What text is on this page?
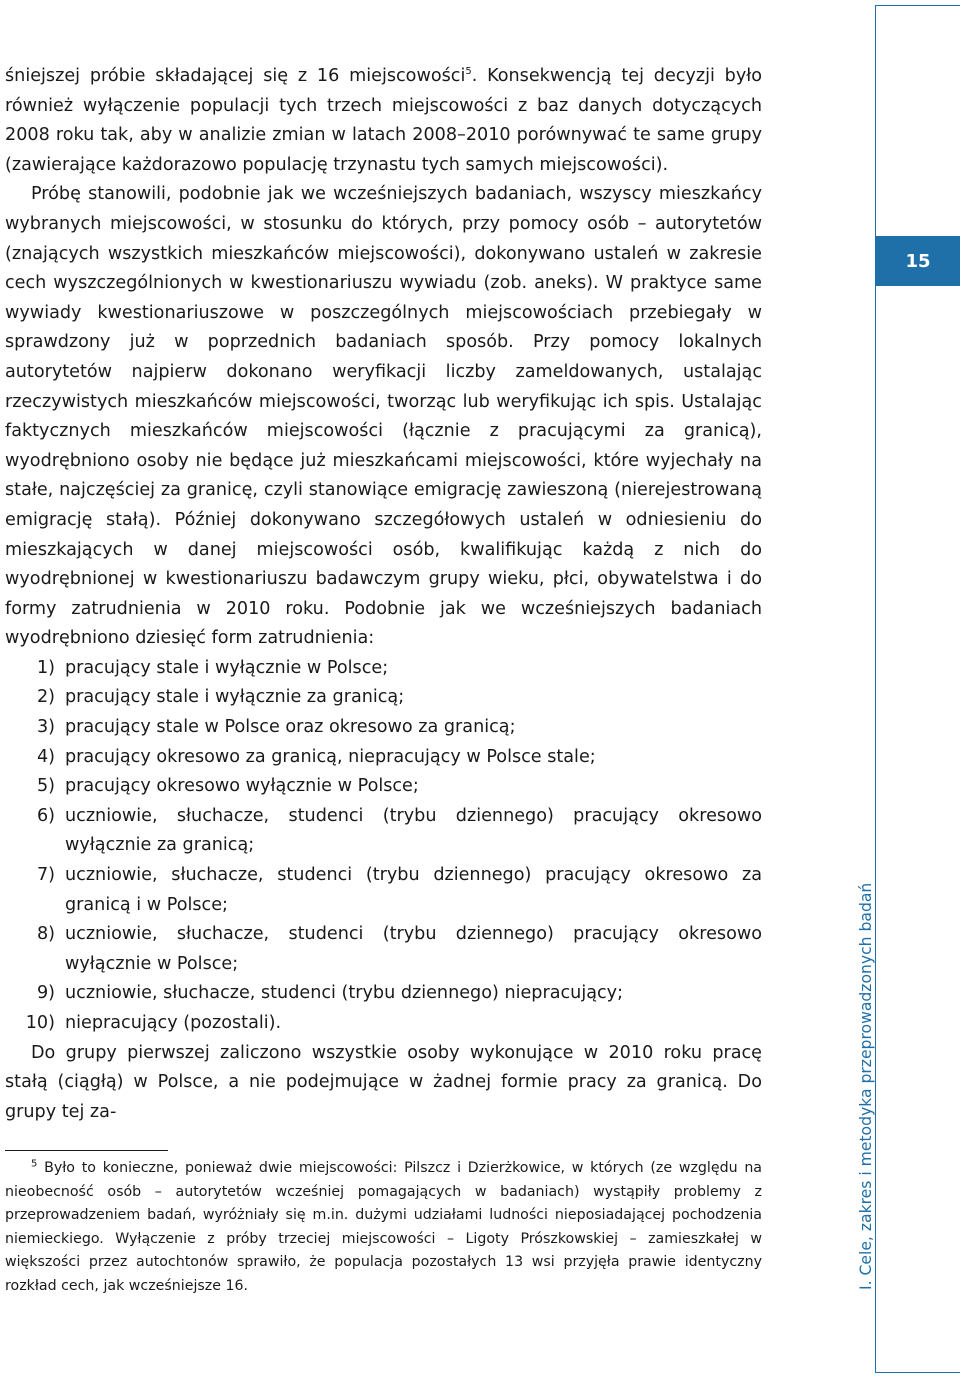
śniejszej próbie składającej się z 16 miejscowości$^5$. Konsekwencją tej decyzji było również wyłączenie populacji tych trzech miejscowości z baz danych dotyczących 2008 roku tak, aby w analizie zmian w latach 2008–2010 porównywać te same grupy (zawierające każdorazowo populację trzynastu tych samych miejscowości).

Próbę stanowili, podobnie jak we wcześniejszych badaniach, wszyscy mieszkańcy wybranych miejscowości, w stosunku do których, przy pomocy osób – autorytetów (znających wszystkich mieszkańców miejscowości), dokonywano ustaleń w zakresie cech wyszczególnionych w kwestionariuszu wywiadu (zob. aneks). W praktyce same wywiady kwestionariuszowe w poszczególnych miejscowościach przebiegały w sprawdzony już w poprzednich badaniach sposób. Przy pomocy lokalnych autorytetów najpierw dokonano weryfikacji liczby zameldowanych, ustalając rzeczywistych mieszkańców miejscowości, tworząc lub weryfikując ich spis. Ustalając faktycznych mieszkańców miejscowości (łącznie z pracującymi za granicą), wyodrębniono osoby nie będące już mieszkańcami miejscowości, które wyjechały na stałe, najczęściej za granicę, czyli stanowiące emigrację zawieszoną (nierejestrowaną emigrację stałą). Później dokonywano szczegółowych ustaleń w odniesieniu do mieszkających w danej miejscowości osób, kwalifikując każdą z nich do wyodrębnionej w kwestionariuszu badawczym grupy wieku, płci, obywatelstwa i do formy zatrudnienia w 2010 roku. Podobnie jak we wcześniejszych badaniach wyodrębniono dziesięć form zatrudnienia:

1) pracujący stale i wyłącznie w Polsce;
2) pracujący stale i wyłącznie za granicą;
3) pracujący stale w Polsce oraz okresowo za granicą;
4) pracujący okresowo za granicą, niepracujący w Polsce stale;
5) pracujący okresowo wyłącznie w Polsce;
6) uczniowie, słuchacze, studenci (trybu dziennego) pracujący okresowo wyłącznie za granicą;
7) uczniowie, słuchacze, studenci (trybu dziennego) pracujący okresowo za granicą i w Polsce;
8) uczniowie, słuchacze, studenci (trybu dziennego) pracujący okresowo wyłącznie w Polsce;
9) uczniowie, słuchacze, studenci (trybu dziennego) niepracujący;
10) niepracujący (pozostali).

Do grupy pierwszej zaliczono wszystkie osoby wykonujące w 2010 roku pracę stałą (ciągłą) w Polsce, a nie podejmujące w żadnej formie pracy za granicą. Do grupy tej za-

$^5$ Było to konieczne, ponieważ dwie miejscowości: Pilszcz i Dzierżkowice, w których (ze względu na nieobecność osób – autorytetów wcześniej pomagających w badaniach) wystąpiły problemy z przeprowadzeniem badań, wyróżniały się m.in. dużymi udziałami ludności nieposiadającej pochodzenia niemieckiego. Wyłączenie z próby trzeciej miejscowości – Ligoty Prószkowskiej – zamieszkałej w większości przez autochtonów sprawiło, że populacja pozostałych 13 wsi przyjęła prawie identyczny rozkład cech, jak wcześniejsze 16.

15
I. Cele, zakres i metodyka przeprowadzonych badań
